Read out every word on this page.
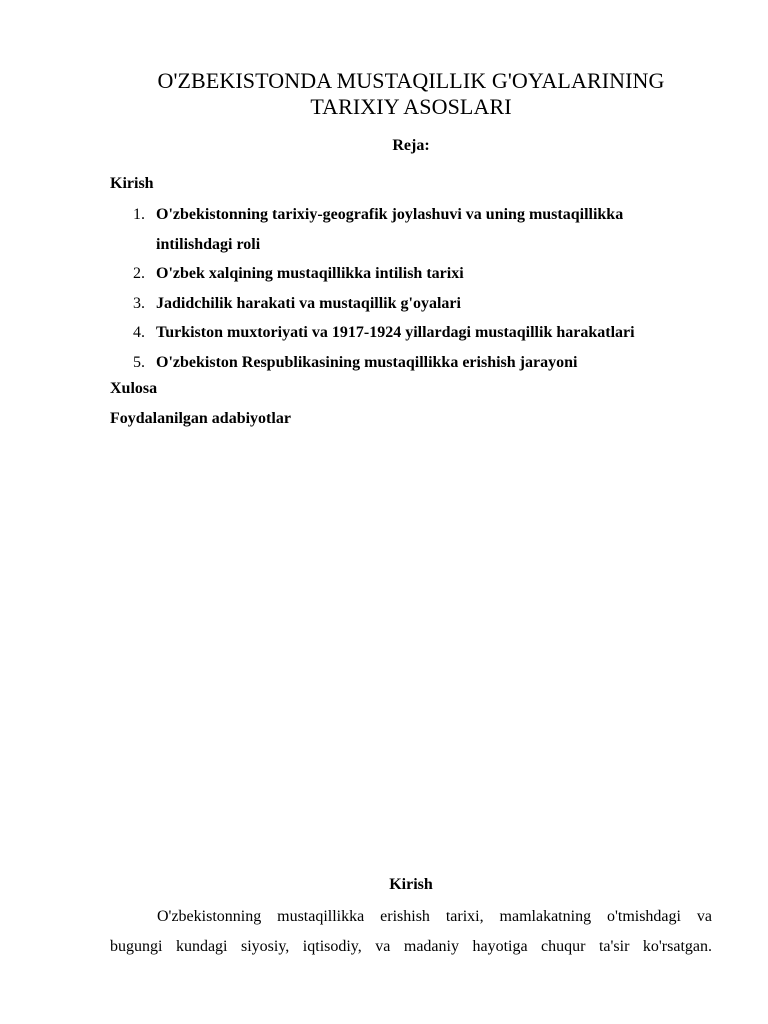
O'ZBEKISTONDA MUSTAQILLIK G'OYALARINING
TARIXIY ASOSLARI
Reja:
Kirish
1. O'zbekistonning tarixiy-geografik joylashuvi va uning mustaqillikka
intilishdagi roli
2. O'zbek xalqining mustaqillikka intilish tarixi
3. Jadidchilik harakati va mustaqillik g'oyalari
4. Turkiston muxtoriyati va 1917-1924 yillardagi mustaqillik harakatlari
5. O'zbekiston Respublikasining mustaqillikka erishish jarayoni
Xulosa
Foydalanilgan adabiyotlar
Kirish

O'zbekistonning mustaqillikka erishish tarixi, mamlakatning o'tmishdagi va
bugungi kundagi siyosiy, iqtisodiy, va madaniy hayotiga chuqur ta'sir ko'rsatgan.
